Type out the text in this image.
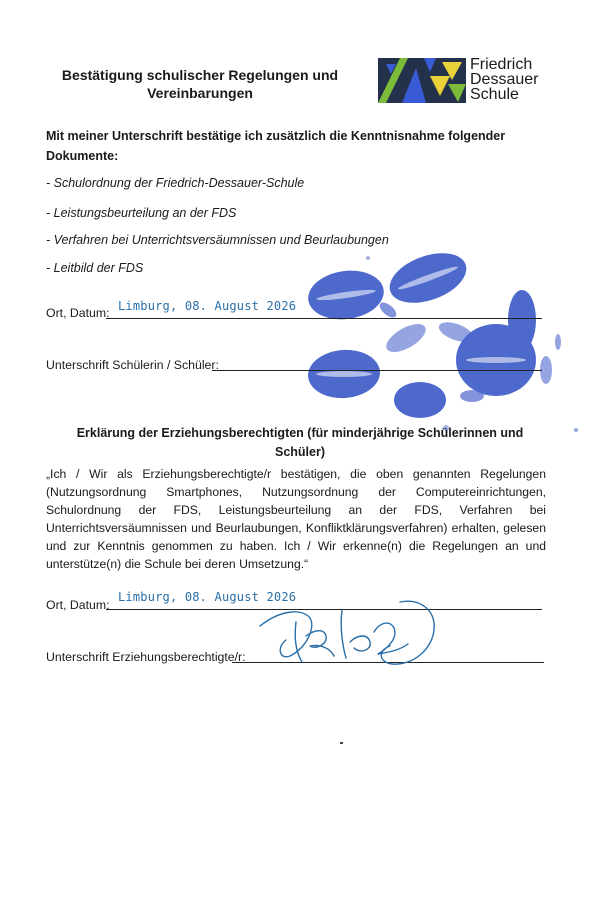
Bestätigung schulischer Regelungen und Vereinbarungen
Friedrich
Dessauer
Schule
Mit meiner Unterschrift bestätige ich zusätzlich die Kenntnisnahme folgender Dokumente:
- Schulordnung der Friedrich-Dessauer-Schule
- Leistungsbeurteilung an der FDS
- Verfahren bei Unterrichtsversäumnissen und Beurlaubungen
- Leitbild der FDS
Ort, Datum: Limburg, 08. August 2026
Unterschrift Schülerin / Schüler:
Erklärung der Erziehungsberechtigten (für minderjährige Schülerinnen und Schüler)
„Ich / Wir als Erziehungsberechtigte/r bestätigen, die oben genannten Regelungen (Nutzungsordnung Smartphones, Nutzungsordnung der Computereinrichtungen, Schulordnung der FDS, Leistungsbeurteilung an der FDS, Verfahren bei Unterrichtsversäumnissen und Beurlaubungen, Konfliktklärungsverfahren) erhalten, gelesen und zur Kenntnis genommen zu haben. Ich / Wir erkenne(n) die Regelungen an und unterstütze(n) die Schule bei deren Umsetzung.“
Ort, Datum:
Limburg, 08. August 2026
Unterschrift Erziehungsberechtigte/r:
